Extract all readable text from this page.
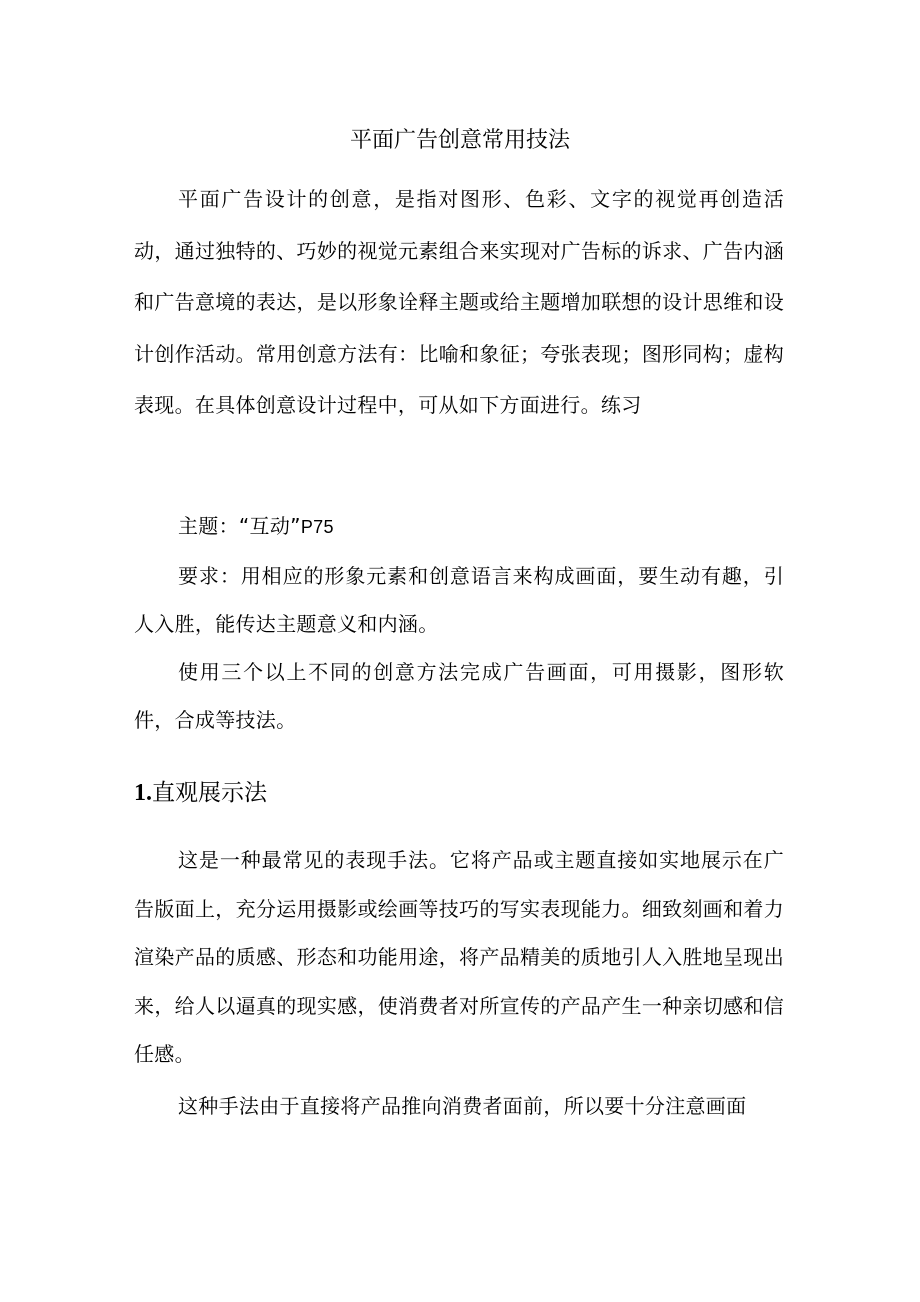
平面广告创意常用技法

平面广告设计的创意，是指对图形、色彩、文字的视觉再创造活动，通过独特的、巧妙的视觉元素组合来实现对广告标的诉求、广告内涵和广告意境的表达，是以形象诠释主题或给主题增加联想的设计思维和设计创作活动。常用创意方法有：比喻和象征；夸张表现；图形同构；虚构表现。在具体创意设计过程中，可从如下方面进行。练习

主题：“互动”P75

要求：用相应的形象元素和创意语言来构成画面，要生动有趣，引人入胜，能传达主题意义和内涵。

使用三个以上不同的创意方法完成广告画面，可用摄影，图形软件，合成等技法。

1.直观展示法

这是一种最常见的表现手法。它将产品或主题直接如实地展示在广告版面上，充分运用摄影或绘画等技巧的写实表现能力。细致刻画和着力渲染产品的质感、形态和功能用途，将产品精美的质地引人入胜地呈现出来，给人以逼真的现实感，使消费者对所宣传的产品产生一种亲切感和信任感。

这种手法由于直接将产品推向消费者面前，所以要十分注意画面
